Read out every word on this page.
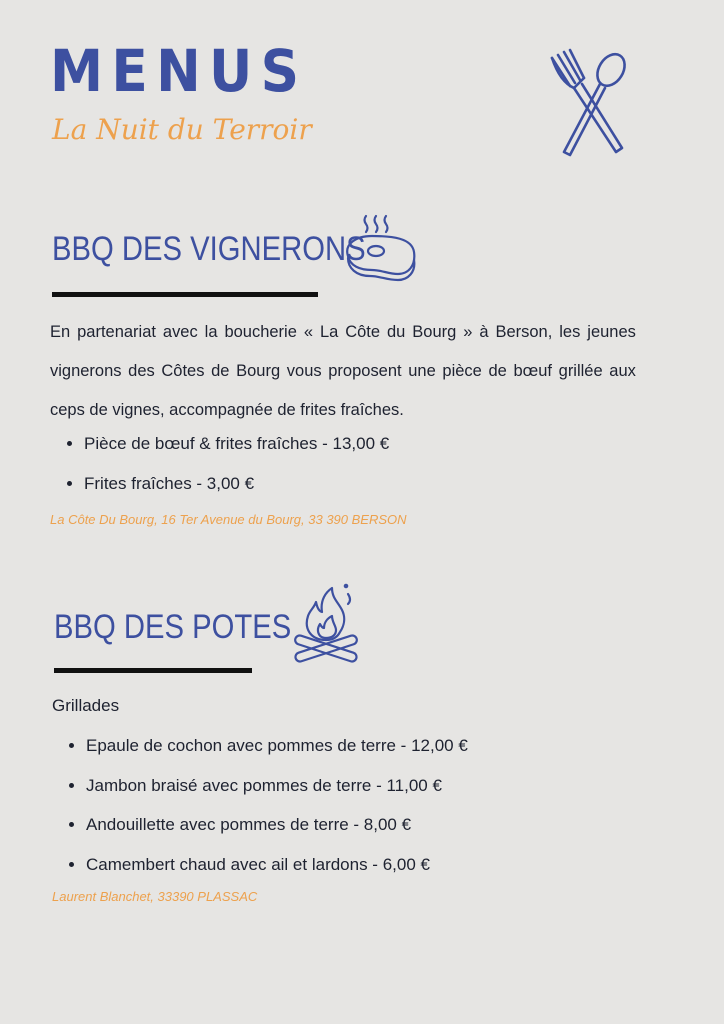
MENUS
La Nuit du Terroir
BBQ DES VIGNERONS
En partenariat avec la boucherie « La Côte du Bourg » à Berson, les jeunes vignerons des Côtes de Bourg vous proposent une pièce de bœuf grillée aux ceps de vignes, accompagnée de frites fraîches.
Pièce de bœuf & frites fraîches - 13,00 €
Frites fraîches - 3,00 €
La Côte Du Bourg, 16 Ter Avenue du Bourg, 33 390 BERSON
BBQ DES POTES
Grillades
Epaule de cochon avec pommes de terre - 12,00 €
Jambon braisé avec pommes de terre - 11,00 €
Andouillette avec pommes de terre - 8,00 €
Camembert chaud avec ail et lardons - 6,00 €
Laurent Blanchet, 33390 PLASSAC
